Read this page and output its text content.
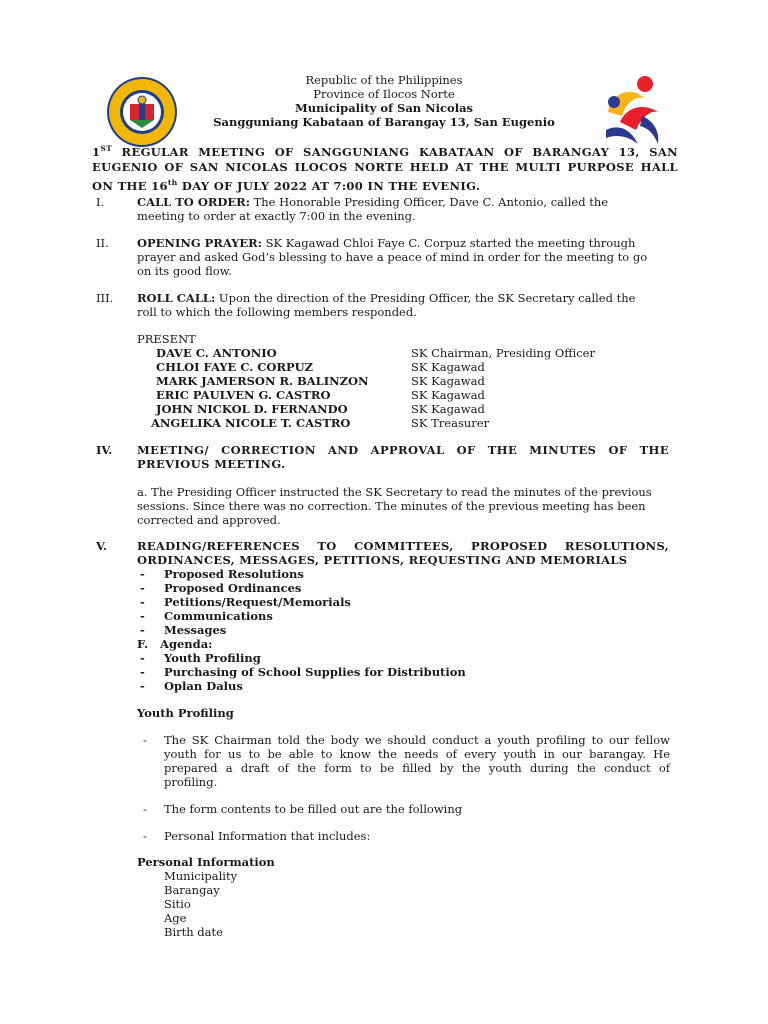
Republic of the Philippines
Province of Ilocos Norte
Municipality of San Nicolas
Sangguniang Kabataan of Barangay 13, San Eugenio
1ST REGULAR MEETING OF SANGGUNIANG KABATAAN OF BARANGAY 13, SAN EUGENIO OF SAN NICOLAS ILOCOS NORTE HELD AT THE MULTI PURPOSE HALL ON THE 16th DAY OF JULY 2022 AT 7:00 IN THE EVENIG.
I.	CALL TO ORDER: The Honorable Presiding Officer, Dave C. Antonio, called the
meeting to order at exactly 7:00 in the evening.
II. OPENING PRAYER: SK Kagawad Chloi Faye C. Corpuz started the meeting through
prayer and asked God’s blessing to have a peace of mind in order for the meeting to go
on its good flow.
III. ROLL CALL: Upon the direction of the Presiding Officer, the SK Secretary called the
roll to which the following members responded.
PRESENT
DAVE C. ANTONIO	SK Chairman, Presiding Officer
CHLOI FAYE C. CORPUZ	SK Kagawad
MARK JAMERSON R. BALINZON	SK Kagawad
ERIC PAULVEN G. CASTRO	SK Kagawad
JOHN NICKOL D. FERNANDO	SK Kagawad
ANGELIKA NICOLE T. CASTRO	SK Treasurer
IV. MEETING/ CORRECTION AND APPROVAL OF THE MINUTES OF THE
PREVIOUS MEETING.
a. The Presiding Officer instructed the SK Secretary to read the minutes of the previous
sessions. Since there was no correction. The minutes of the previous meeting has been
corrected and approved.
V.	READING/REFERENCES TO COMMITTEES, PROPOSED RESOLUTIONS,
ORDINANCES, MESSAGES, PETITIONS, REQUESTING AND MEMORIALS
- Proposed Resolutions
- Proposed Ordinances
- Petitions/Request/Memorials
- Communications
- Messages
F.   Agenda:
- Youth Profiling
- Purchasing of School Supplies for Distribution
- Oplan Dalus
Youth Profiling
- The SK Chairman told the body we should conduct a youth profiling to our fellow
youth for us to be able to know the needs of every youth in our barangay. He
prepared a draft of the form to be filled by the youth during the conduct of
profiling.
- The form contents to be filled out are the following
- Personal Information that includes:
Personal Information
Municipality
Barangay
Sitio
Age
Birth date
